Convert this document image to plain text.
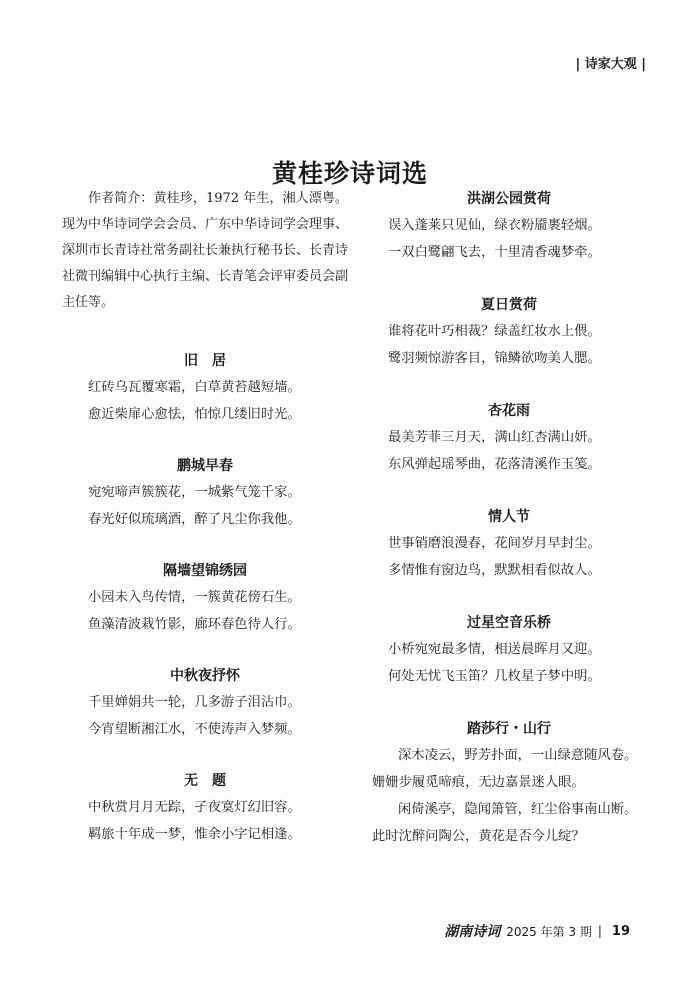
| 诗家大观 |
黄桂珍诗词选

作者简介：黄桂珍，1972 年生，湘人漂粤。现为中华诗词学会会员、广东中华诗词学会理事、深圳市长青诗社常务副社长兼执行秘书长、长青诗社微刊编辑中心执行主编、长青笔会评审委员会副主任等。

旧　居

红砖乌瓦覆寒霜，白草黄苔越短墙。

愈近柴扉心愈怯，怕惊几缕旧时光。

鹏城早春

宛宛啼声簇簇花，一城紫气笼千家。

春光好似琉璃酒，醉了凡尘你我他。

隔墙望锦绣园

小园未入鸟传情，一簇黄花傍石生。

鱼藻清波栽竹影，廊环春色待人行。

中秋夜抒怀

千里婵娟共一轮，几多游子泪沾巾。

今宵望断湘江水，不使涛声入梦频。

无　题

中秋赏月月无踪，孑夜寞灯幻旧容。

羁旅十年成一梦，惟余小字记相逢。

洪湖公园赏荷

误入蓬莱只见仙，绿衣粉靥裹轻烟。

一双白鹭翩飞去，十里清香魂梦牵。

夏日赏荷

谁将花叶巧相裁？绿盖红妆水上偎。

鹭羽频惊游客目，锦鳞欲吻美人腮。

杏花雨

最美芳菲三月天，满山红杏满山妍。

东风弹起瑶琴曲，花落清溪作玉笺。

情人节

世事销磨浪漫春，花间岁月早封尘。

多情惟有窗边鸟，默默相看似故人。

过星空音乐桥

小桥宛宛最多情，相送晨晖月又迎。

何处无忧飞玉笛？几枚星子梦中明。

踏莎行・山行

深木凌云，野芳扑面，一山绿意随风卷。

姗姗步履觅啼痕，无边嘉景迷人眼。

闲倚溪亭，隐闻箫管，红尘俗事南山断。

此时沈醉问陶公，黄花是否今儿绽？

湖南诗词 2025 年第 3 期 | 19
